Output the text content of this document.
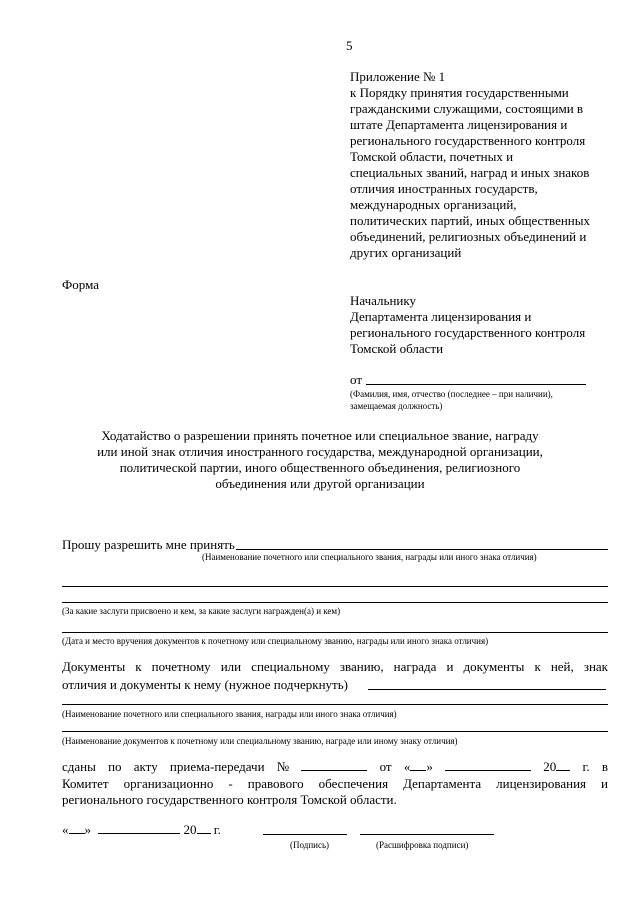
5
Приложение № 1
к Порядку принятия государственными
гражданскими служащими, состоящими в
штате Департамента лицензирования и
регионального государственного контроля
Томской области, почетных и
специальных званий, наград и иных знаков
отличия иностранных государств,
международных организаций,
политических партий, иных общественных
объединений, религиозных объединений и
других организаций
Форма
Начальнику
Департамента лицензирования и
регионального государственного контроля
Томской области
от
(Фамилия, имя, отчество (последнее – при наличии),
замещаемая должность)
Ходатайство о разрешении принять почетное или специальное звание, награду
или иной знак отличия иностранного государства, международной организации,
политической партии, иного общественного объединения, религиозного
объединения или другой организации
Прошу разрешить мне принять
(Наименование почетного или специального звания, награды или иного знака отличия)
(За какие заслуги присвоено и кем, за какие заслуги награжден(а) и кем)
(Дата и место вручения документов к почетному или специальному званию, награды или иного знака отличия)
Документы к почетному или специальному званию, награда и документы к ней, знак
отличия и документы к нему (нужное подчеркнуть)
(Наименование почетного или специального звания, награды или иного знака отличия)
(Наименование документов к почетному или специальному званию, награде или иному знаку отличия)
сданы по акту приема-передачи №	от « »	20	г. в
Комитет организационно - правового обеспечения Департамента лицензирования и
регионального государственного контроля Томской области.
« »	20 г.
(Подпись)	(Расшифровка подписи)
